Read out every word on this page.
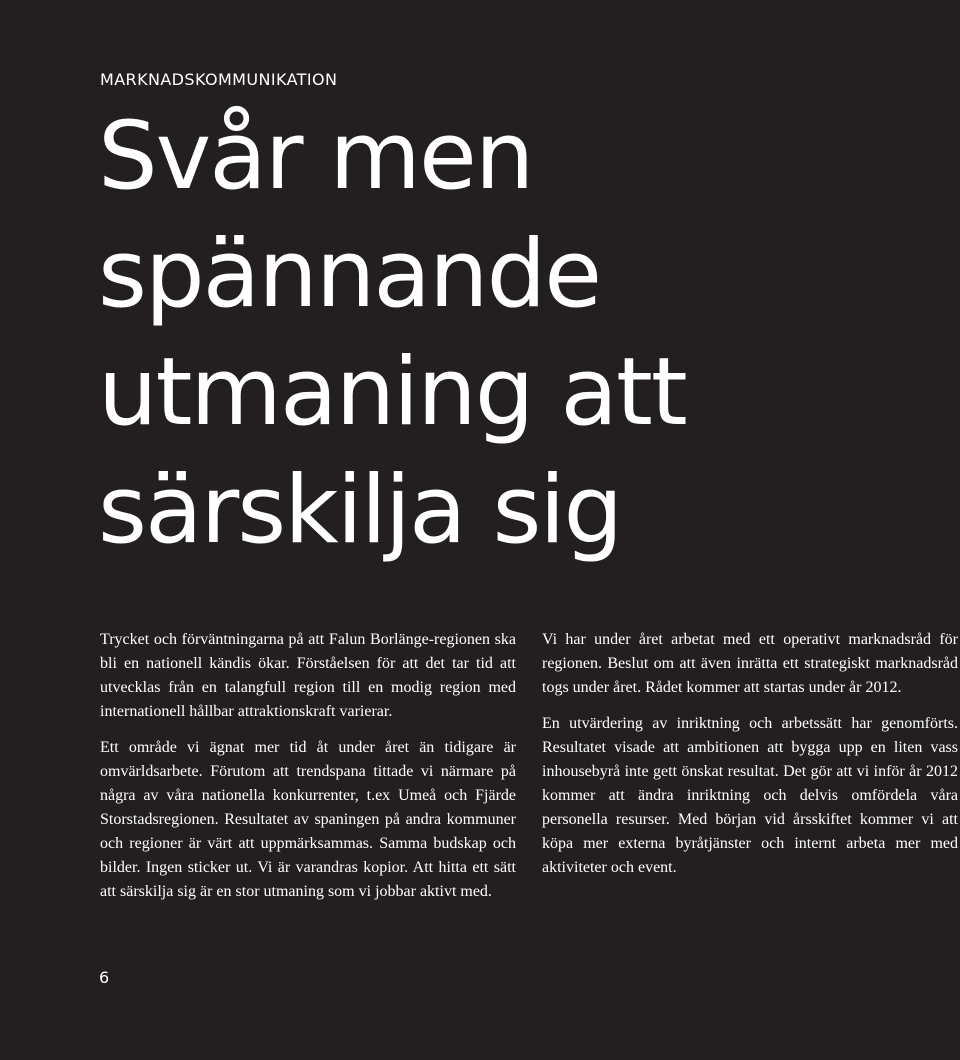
MARKNADSKOMMUNIKATION
Svår men
spännande
utmaning att
särskilja sig

Trycket och förväntningarna på att Falun Borlänge-regionen ska bli en nationell kändis ökar. Förståelsen för att det tar tid att utvecklas från en talangfull region till en modig region med internationell hållbar attraktionskraft varierar.

Ett område vi ägnat mer tid åt under året än tidigare är omvärldsarbete. Förutom att trendspana tittade vi närmare på några av våra nationella konkurrenter, t.ex Umeå och Fjärde Storstadsregionen. Resultatet av spaningen på andra kommuner och regioner är värt att uppmärksammas. Samma budskap och bilder. Ingen sticker ut. Vi är varandras kopior. Att hitta ett sätt att särskilja sig är en stor utmaning som vi jobbar aktivt med.

Vi har under året arbetat med ett operativt marknadsråd för regionen. Beslut om att även inrätta ett strategiskt marknadsråd togs under året. Rådet kommer att startas under år 2012.

En utvärdering av inriktning och arbetssätt har genomförts. Resultatet visade att ambitionen att bygga upp en liten vass inhousebyrå inte gett önskat resultat. Det gör att vi inför år 2012 kommer att ändra inriktning och delvis omfördela våra personella resurser. Med början vid årsskiftet kommer vi att köpa mer externa byråtjänster och internt arbeta mer med aktiviteter och event.

6
